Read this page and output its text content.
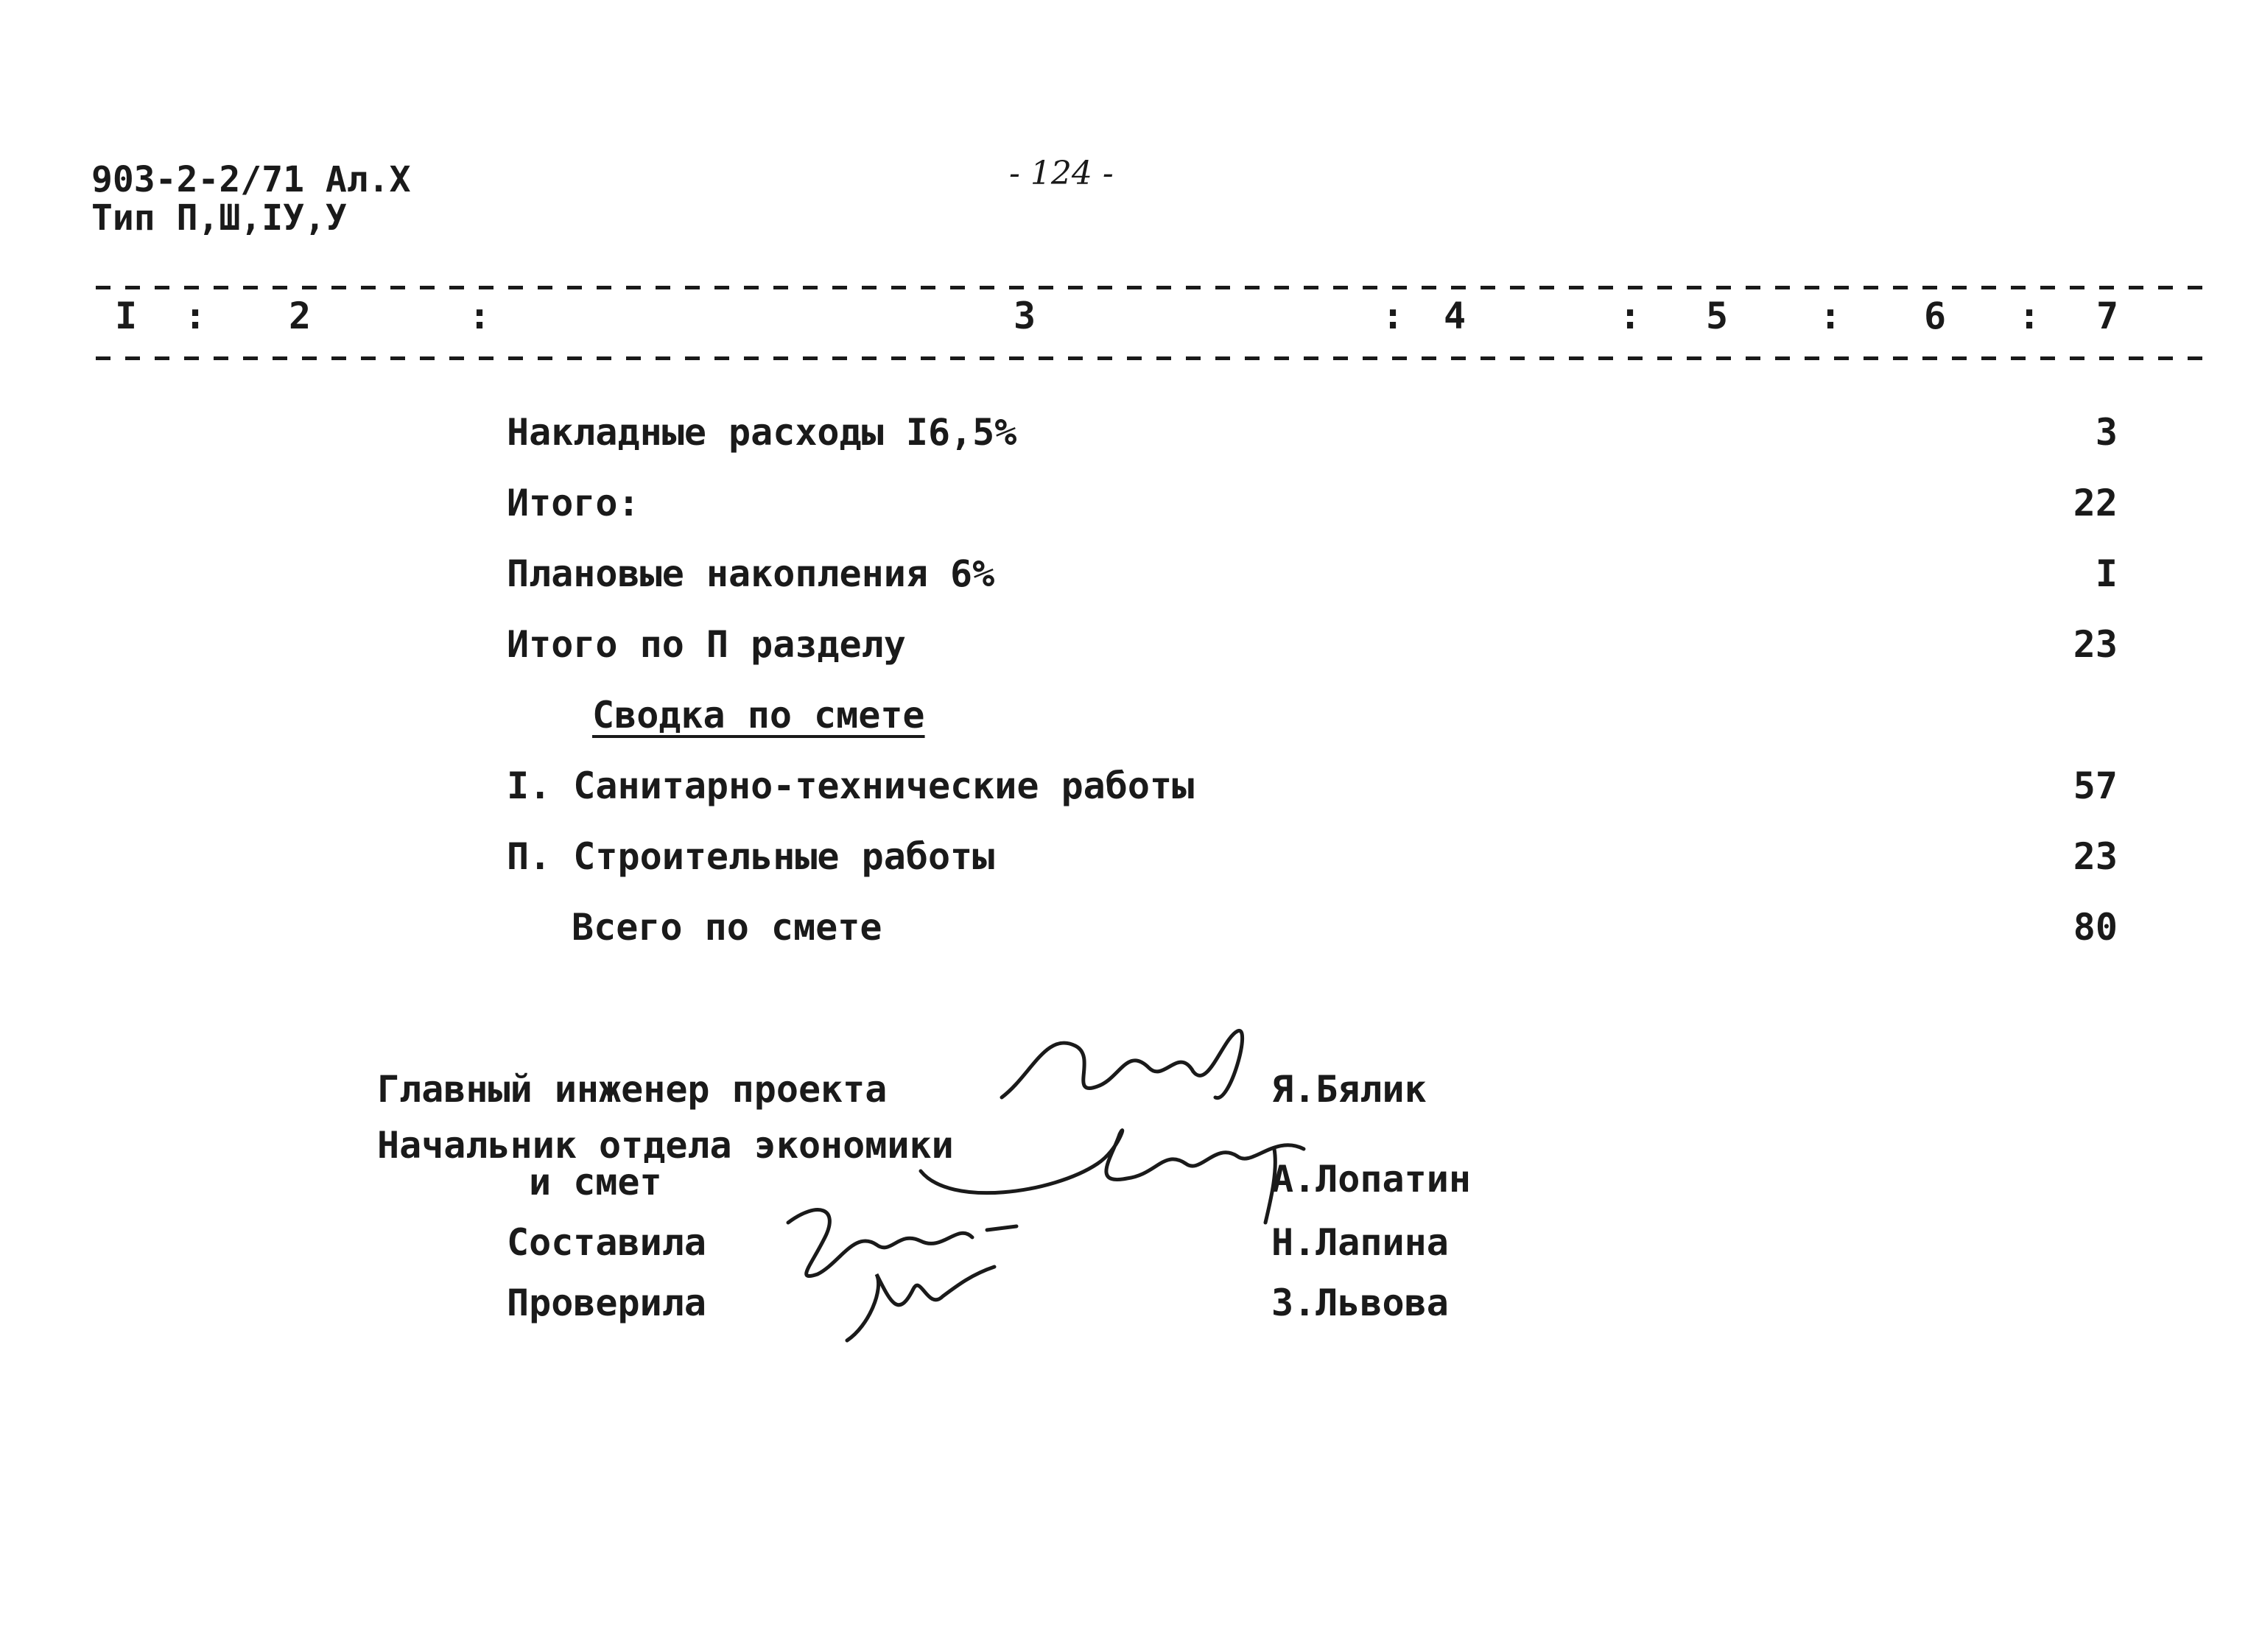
903-2-2/71 Ал.X
Тип П,Ш,IУ,У
- 124 -
I : 2	:	3	: 4	: 5 : 6 : 7
Накладные расходы I6,5%	3
Итого:	22
Плановые накопления 6%	I
Итого по П разделу	23
Сводка по смете
I. Санитарно-технические работы	57
П. Строительные работы	23
Всего по смете	80
Главный инженер проекта	Я.Бялик
Начальник отдела экономики
и смет	А.Лопатин
Составила	Н.Лапина
Проверила	З.Львова
